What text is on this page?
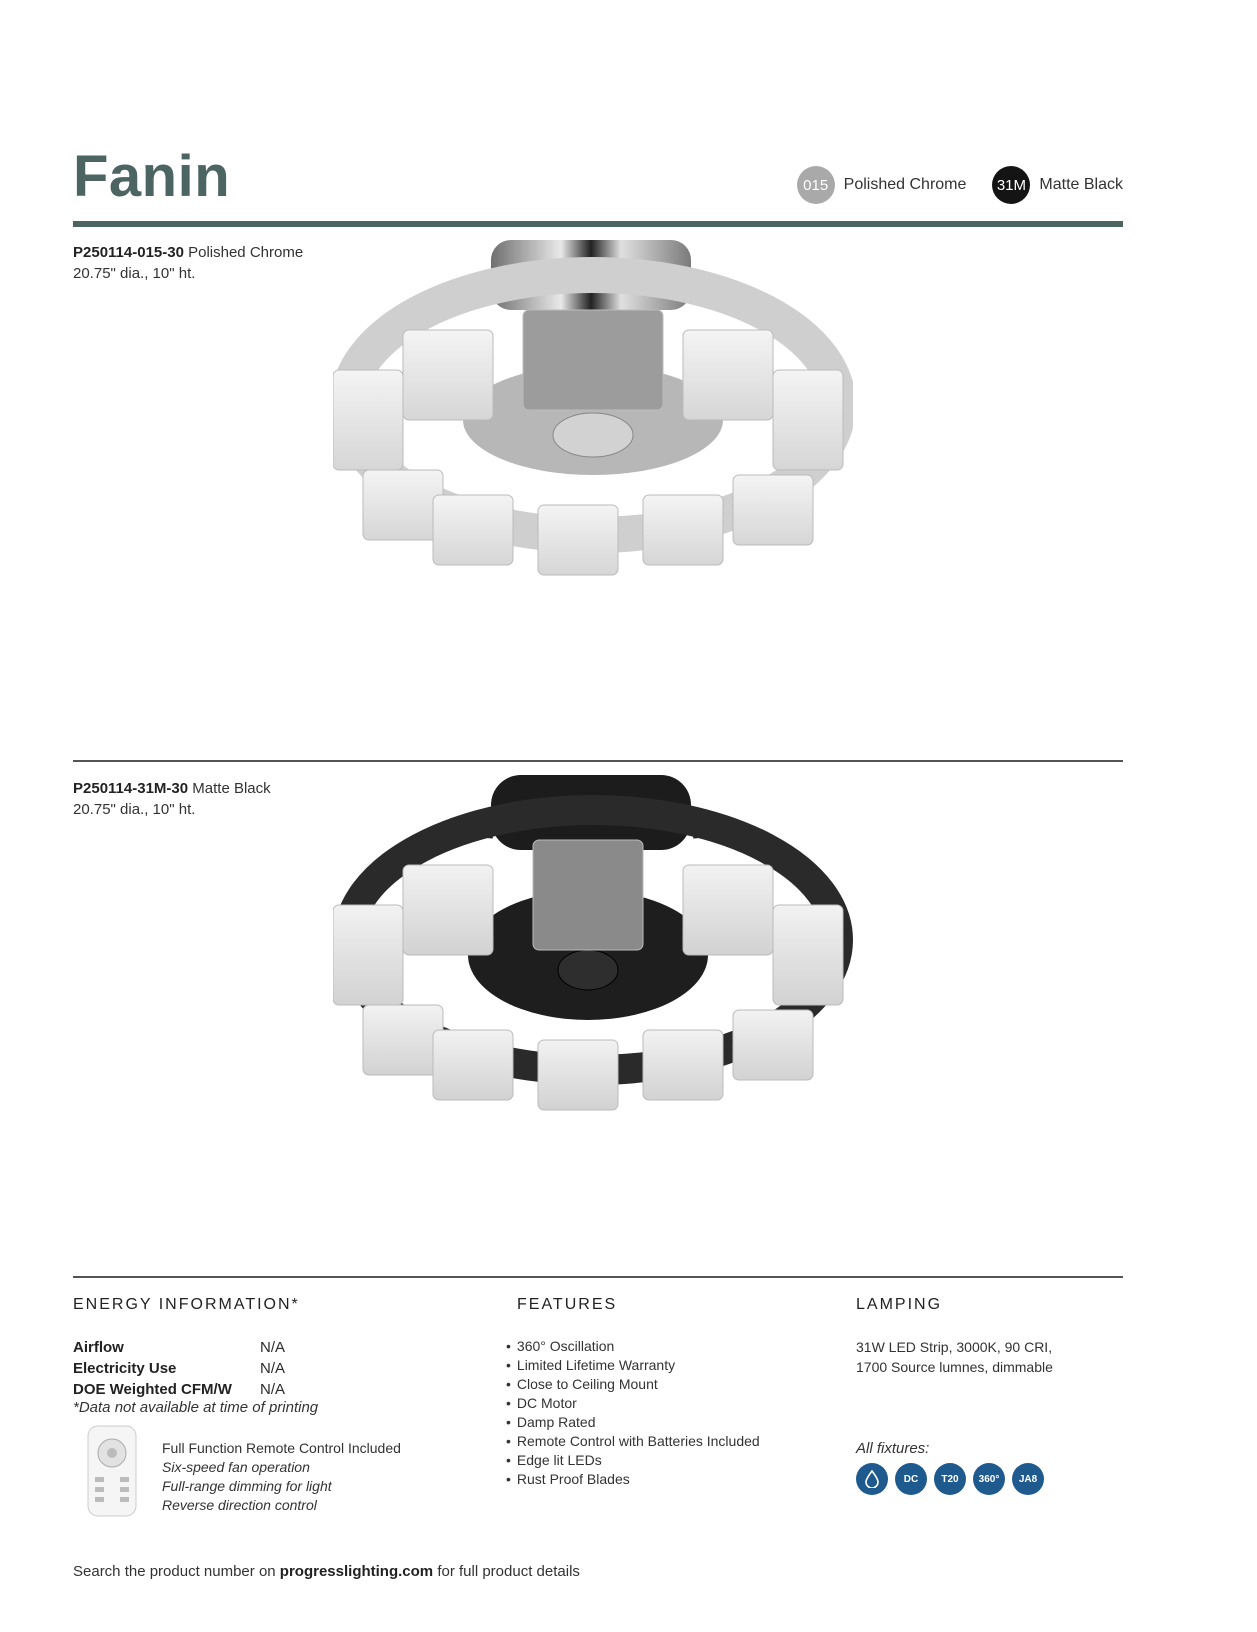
Fanin	015 Polished Chrome 31M Matte Black
P250114-015-30 Polished Chrome
20.75" dia., 10" ht.
P250114-31M-30 Matte Black
20.75" dia., 10" ht.
ENERGY INFORMATION*
Airflow	N/A
Electricity Use	N/A
DOE Weighted CFM/W	N/A
*Data not available at time of printing
Full Function Remote Control Included
Six-speed fan operation
Full-range dimming for light
Reverse direction control
FEATURES
• 360° Oscillation
• Limited Lifetime Warranty
• Close to Ceiling Mount
• DC Motor
• Damp Rated
• Remote Control with Batteries Included
• Edge lit LEDs
• Rust Proof Blades
LAMPING
31W LED Strip, 3000K, 90 CRI,
1700 Source lumnes, dimmable
All fixtures:
DC	T20	360°	JA8
Search the product number on progresslighting.com for full product details
